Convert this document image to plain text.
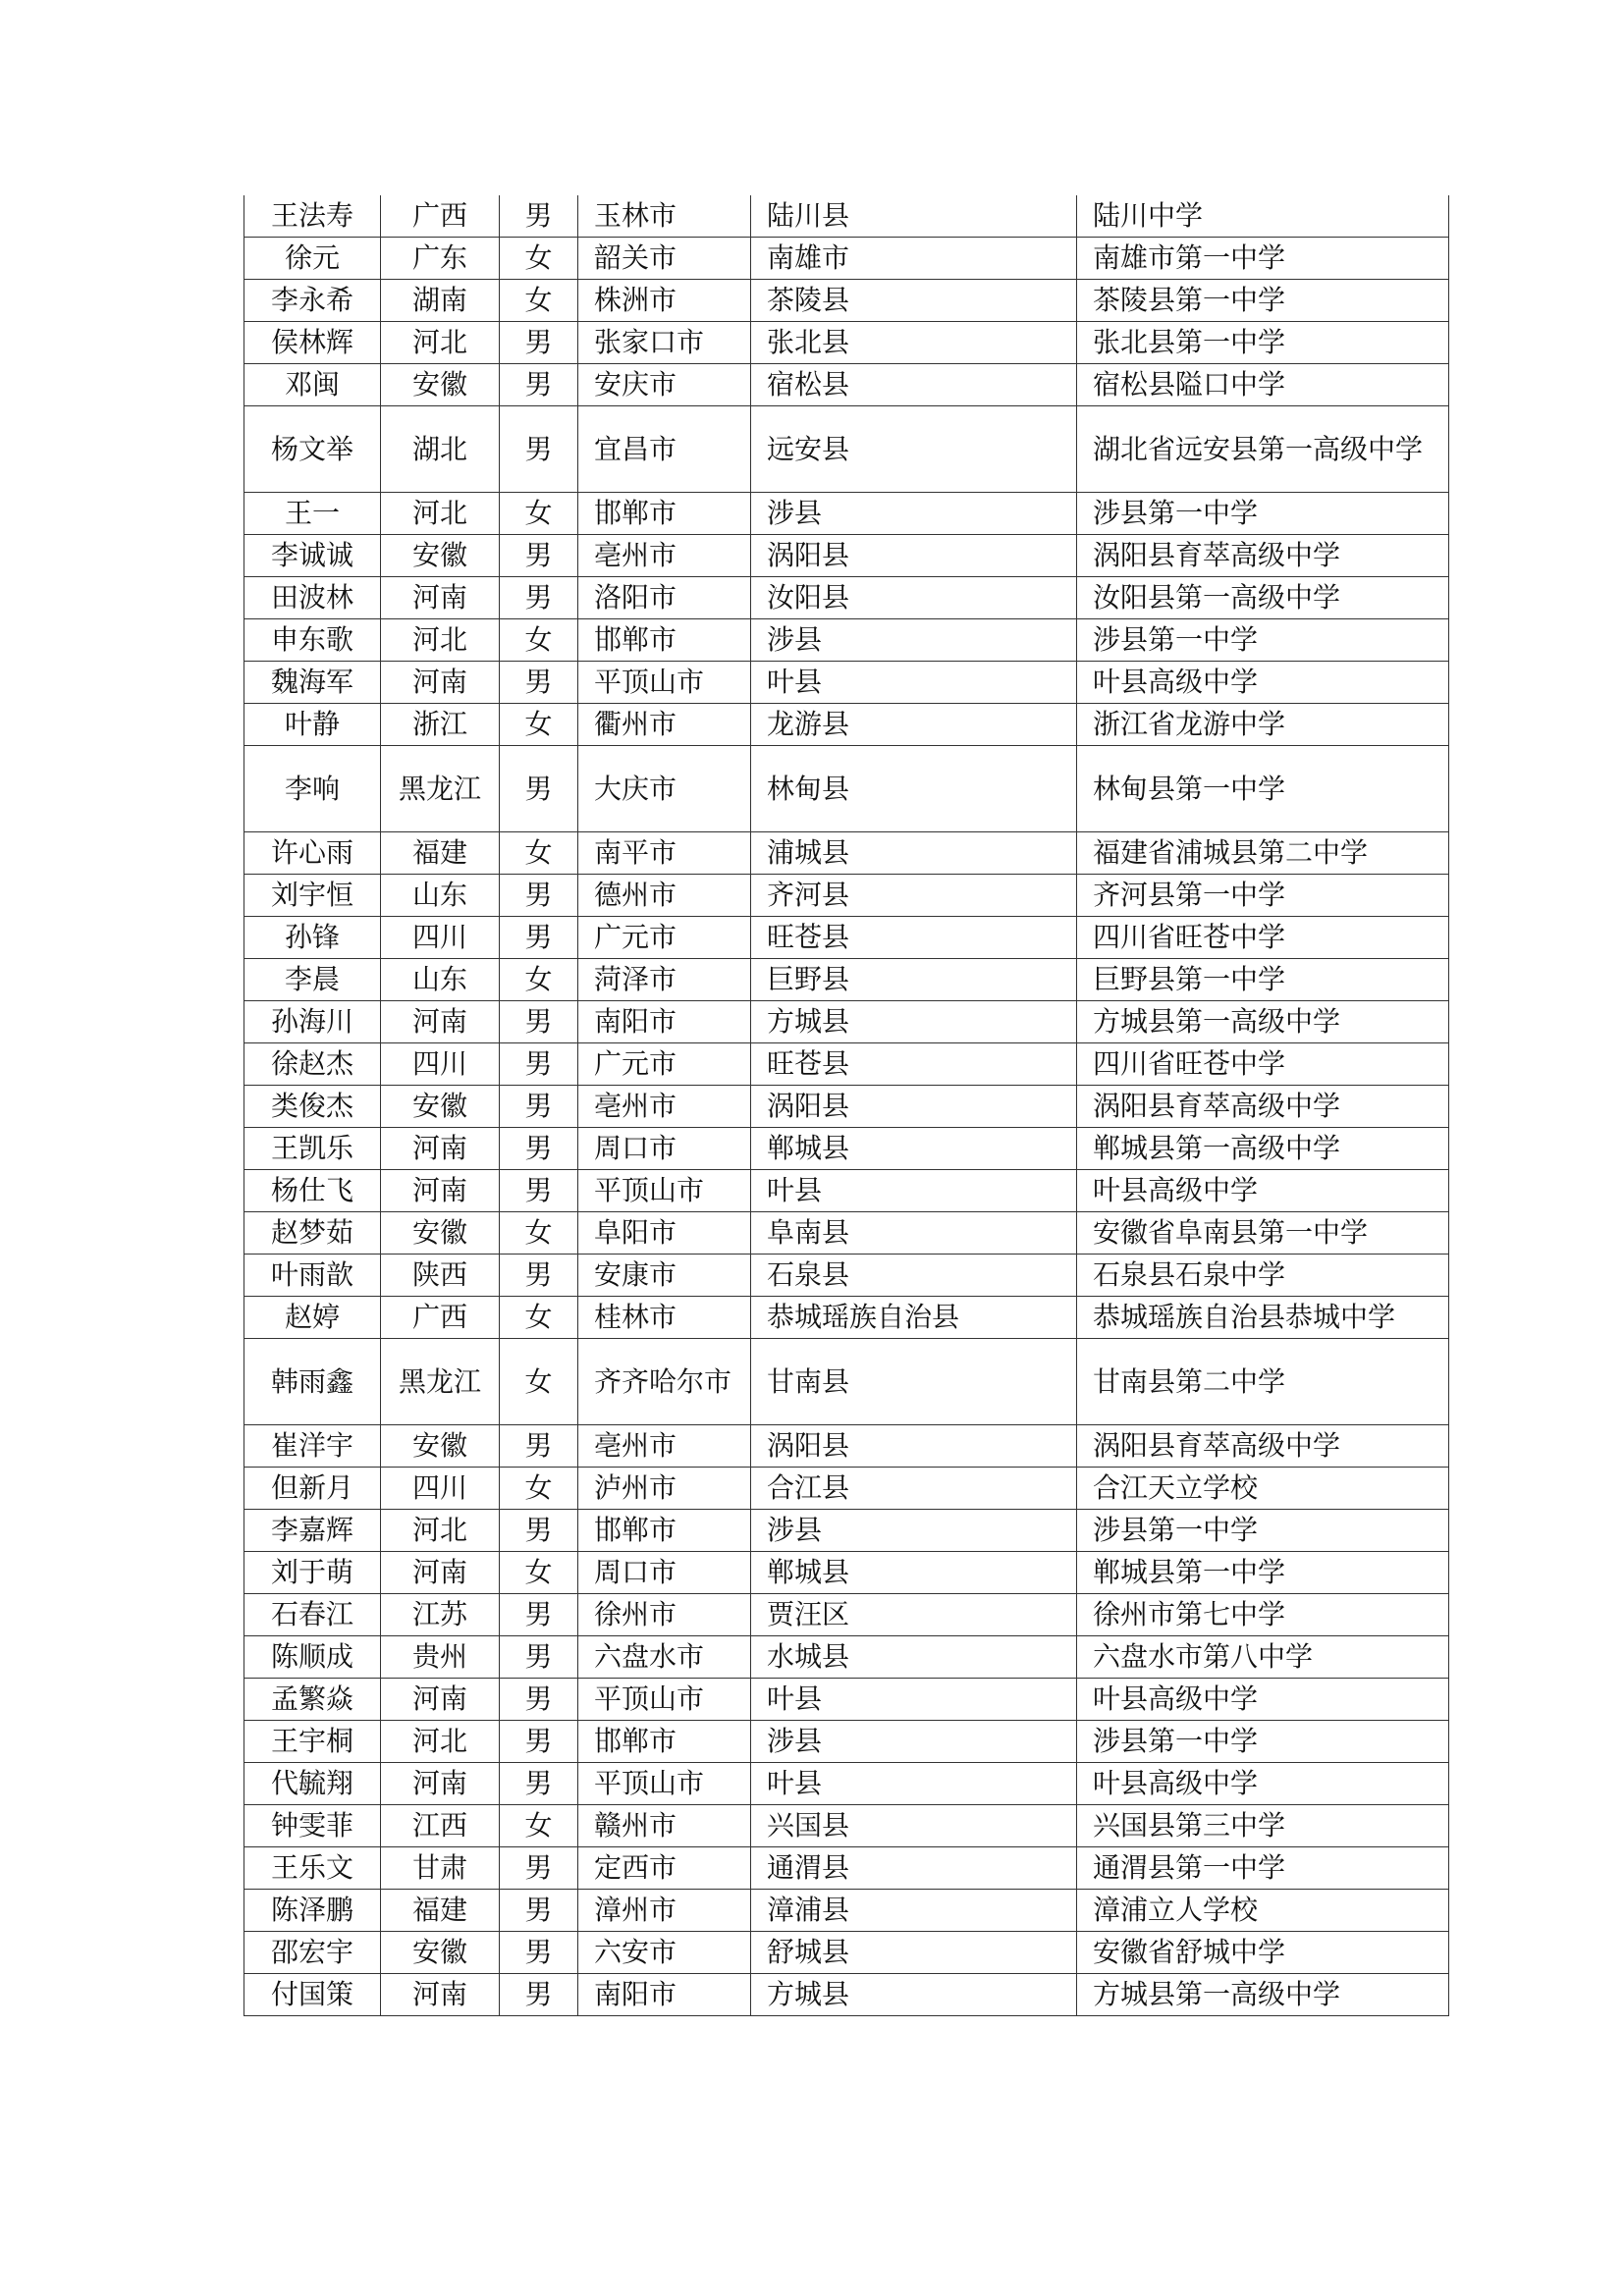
王法寿	广西	男	玉林市	陆川县	陆川中学
徐元	广东	女	韶关市	南雄市	南雄市第一中学
李永希	湖南	女	株洲市	茶陵县	茶陵县第一中学
侯林辉	河北	男	张家口市	张北县	张北县第一中学
邓闽	安徽	男	安庆市	宿松县	宿松县隘口中学
杨文举	湖北	男	宜昌市	远安县	湖北省远安县第一高级中学
王一	河北	女	邯郸市	涉县	涉县第一中学
李诚诚	安徽	男	亳州市	涡阳县	涡阳县育萃高级中学
田波林	河南	男	洛阳市	汝阳县	汝阳县第一高级中学
申东歌	河北	女	邯郸市	涉县	涉县第一中学
魏海军	河南	男	平顶山市	叶县	叶县高级中学
叶静	浙江	女	衢州市	龙游县	浙江省龙游中学
李响	黑龙江	男	大庆市	林甸县	林甸县第一中学
许心雨	福建	女	南平市	浦城县	福建省浦城县第二中学
刘宇恒	山东	男	德州市	齐河县	齐河县第一中学
孙锋	四川	男	广元市	旺苍县	四川省旺苍中学
李晨	山东	女	菏泽市	巨野县	巨野县第一中学
孙海川	河南	男	南阳市	方城县	方城县第一高级中学
徐赵杰	四川	男	广元市	旺苍县	四川省旺苍中学
类俊杰	安徽	男	亳州市	涡阳县	涡阳县育萃高级中学
王凯乐	河南	男	周口市	郸城县	郸城县第一高级中学
杨仕飞	河南	男	平顶山市	叶县	叶县高级中学
赵梦茹	安徽	女	阜阳市	阜南县	安徽省阜南县第一中学
叶雨歆	陕西	男	安康市	石泉县	石泉县石泉中学
赵婷	广西	女	桂林市	恭城瑶族自治县	恭城瑶族自治县恭城中学
韩雨鑫	黑龙江	女	齐齐哈尔市	甘南县	甘南县第二中学
崔洋宇	安徽	男	亳州市	涡阳县	涡阳县育萃高级中学
但新月	四川	女	泸州市	合江县	合江天立学校
李嘉辉	河北	男	邯郸市	涉县	涉县第一中学
刘于萌	河南	女	周口市	郸城县	郸城县第一中学
石春江	江苏	男	徐州市	贾汪区	徐州市第七中学
陈顺成	贵州	男	六盘水市	水城县	六盘水市第八中学
孟繁焱	河南	男	平顶山市	叶县	叶县高级中学
王宇桐	河北	男	邯郸市	涉县	涉县第一中学
代毓翔	河南	男	平顶山市	叶县	叶县高级中学
钟雯菲	江西	女	赣州市	兴国县	兴国县第三中学
王乐文	甘肃	男	定西市	通渭县	通渭县第一中学
陈泽鹏	福建	男	漳州市	漳浦县	漳浦立人学校
邵宏宇	安徽	男	六安市	舒城县	安徽省舒城中学
付国策	河南	男	南阳市	方城县	方城县第一高级中学
